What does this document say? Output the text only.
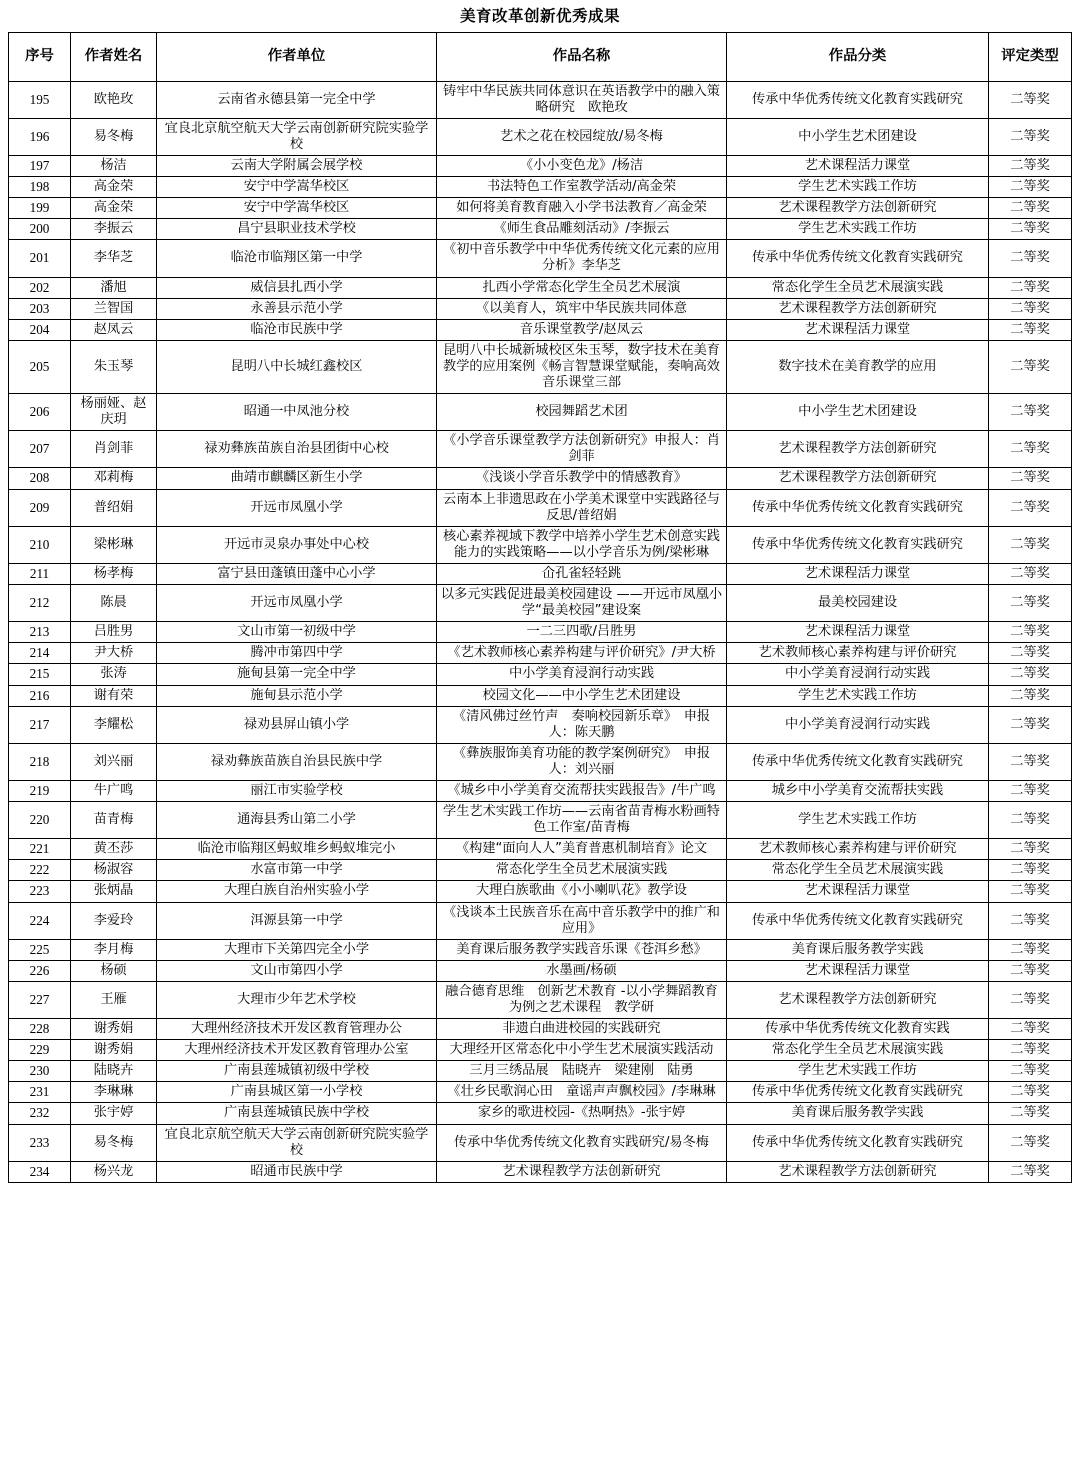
美育改革创新优秀成果
序号	作者姓名	作者单位	作品名称	作品分类	评定类型
195	欧艳玫	云南省永德县第一完全中学	铸牢中华民族共同体意识在英语教学中的融入策略研究　欧艳玫	传承中华优秀传统文化教育实践研究	二等奖
196	易冬梅	宜良北京航空航天大学云南创新研究院实验学校	艺术之花在校园绽放/易冬梅	中小学生艺术团建设	二等奖
197	杨洁	云南大学附属会展学校	《小小变色龙》/杨洁	艺术课程活力课堂	二等奖
198	高金荣	安宁中学嵩华校区	书法特色工作室教学活动/高金荣	学生艺术实践工作坊	二等奖
199	高金荣	安宁中学嵩华校区	如何将美育教育融入小学书法教育／高金荣	艺术课程教学方法创新研究	二等奖
200	李振云	昌宁县职业技术学校	《师生食品雕刻活动》/李振云	学生艺术实践工作坊	二等奖
201	李华芝	临沧市临翔区第一中学	《初中音乐教学中中华优秀传统文化元素的应用分析》李华芝	传承中华优秀传统文化教育实践研究	二等奖
202	潘旭	威信县扎西小学	扎西小学常态化学生全员艺术展演	常态化学生全员艺术展演实践	二等奖
203	兰智国	永善县示范小学	《以美育人，筑牢中华民族共同体意	艺术课程教学方法创新研究	二等奖
204	赵凤云	临沧市民族中学	音乐课堂教学/赵凤云	艺术课程活力课堂	二等奖
205	朱玉琴	昆明八中长城红鑫校区	昆明八中长城新城校区朱玉琴，数字技术在美育教学的应用案例《畅言智慧课堂赋能，奏响高效音乐课堂三部	数字技术在美育教学的应用	二等奖
206	杨丽娅、赵庆玥	昭通一中凤池分校	校园舞蹈艺术团	中小学生艺术团建设	二等奖
207	肖剑菲	禄劝彝族苗族自治县团街中心校	《小学音乐课堂教学方法创新研究》申报人：肖剑菲	艺术课程教学方法创新研究	二等奖
208	邓莉梅	曲靖市麒麟区新生小学	《浅谈小学音乐教学中的情感教育》	艺术课程教学方法创新研究	二等奖
209	普绍娟	开远市凤凰小学	云南本上非遗思政在小学美术课堂中实践路径与反思/普绍娟	传承中华优秀传统文化教育实践研究	二等奖
210	梁彬琳	开远市灵泉办事处中心校	核心素养视域下教学中培养小学生艺术创意实践能力的实践策略——以小学音乐为例/梁彬琳	传承中华优秀传统文化教育实践研究	二等奖
211	杨孝梅	富宁县田蓬镇田蓬中心小学	仚孔雀轻轻跳	艺术课程活力课堂	二等奖
212	陈晨	开远市凤凰小学	以多元实践促进最美校园建设 ——开远市凤凰小学“最美校园”建设案	最美校园建设	二等奖
213	吕胜男	文山市第一初级中学	一二三四歌/吕胜男	艺术课程活力课堂	二等奖
214	尹大桥	腾冲市第四中学	《艺术教师核心素养构建与评价研究》/尹大桥	艺术教师核心素养构建与评价研究	二等奖
215	张涛	施甸县第一完全中学	中小学美育浸润行动实践	中小学美育浸润行动实践	二等奖
216	谢有荣	施甸县示范小学	校园文化——中小学生艺术团建设	学生艺术实践工作坊	二等奖
217	李耀松	禄劝县屏山镇小学	《清风佛过丝竹声　奏响校园新乐章》　申报人：陈天鹏	中小学美育浸润行动实践	二等奖
218	刘兴丽	禄劝彝族苗族自治县民族中学	《彝族服饰美育功能的教学案例研究》　申报人：刘兴丽	传承中华优秀传统文化教育实践研究	二等奖
219	牛广鸣	丽江市实验学校	《城乡中小学美育交流帮扶实践报告》/牛广鸣	城乡中小学美育交流帮扶实践	二等奖
220	苗青梅	通海县秀山第二小学	学生艺术实践工作坊——云南省苗青梅水粉画特色工作室/苗青梅	学生艺术实践工作坊	二等奖
221	黄丕莎	临沧市临翔区蚂蚁堆乡蚂蚁堆完小	《构建“面向人人”美育普惠机制培育》论文	艺术教师核心素养构建与评价研究	二等奖
222	杨淑容	水富市第一中学	常态化学生全员艺术展演实践	常态化学生全员艺术展演实践	二等奖
223	张炳晶	大理白族自治州实验小学	大理白族歌曲《小小喇叭花》教学设	艺术课程活力课堂	二等奖
224	李爱玲	洱源县第一中学	《浅谈本土民族音乐在高中音乐教学中的推广和应用》	传承中华优秀传统文化教育实践研究	二等奖
225	李月梅	大理市下关第四完全小学	美育课后服务教学实践音乐课《苍洱乡愁》	美育课后服务教学实践	二等奖
226	杨硕	文山市第四小学	水墨画/杨硕	艺术课程活力课堂	二等奖
227	王雁	大理市少年艺术学校	融合德育思维　创新艺术教育 -以小学舞蹈教育 为例之艺术课程　教学研	艺术课程教学方法创新研究	二等奖
228	谢秀娟	大理州经济技术开发区教育管理办公	非遗白曲进校园的实践研究	传承中华优秀传统文化教育实践	二等奖
229	谢秀娟	大理州经济技术开发区教育管理办公室	大理经开区常态化中小学生艺术展演实践活动	常态化学生全员艺术展演实践	二等奖
230	陆晓卉	广南县莲城镇初级中学校	三月三绣品展　陆晓卉　梁建刚　陆勇	学生艺术实践工作坊	二等奖
231	李琳琳	广南县城区第一小学校	《壮乡民歌润心田　童谣声声飘校园》/李琳琳	传承中华优秀传统文化教育实践研究	二等奖
232	张宇婷	广南县莲城镇民族中学校	家乡的歌进校园-《热啊热》-张宇婷	美育课后服务教学实践	二等奖
233	易冬梅	宜良北京航空航天大学云南创新研究院实验学校	传承中华优秀传统文化教育实践研究/易冬梅	传承中华优秀传统文化教育实践研究	二等奖
234	杨兴龙	昭通市民族中学	艺术课程教学方法创新研究	艺术课程教学方法创新研究	二等奖
